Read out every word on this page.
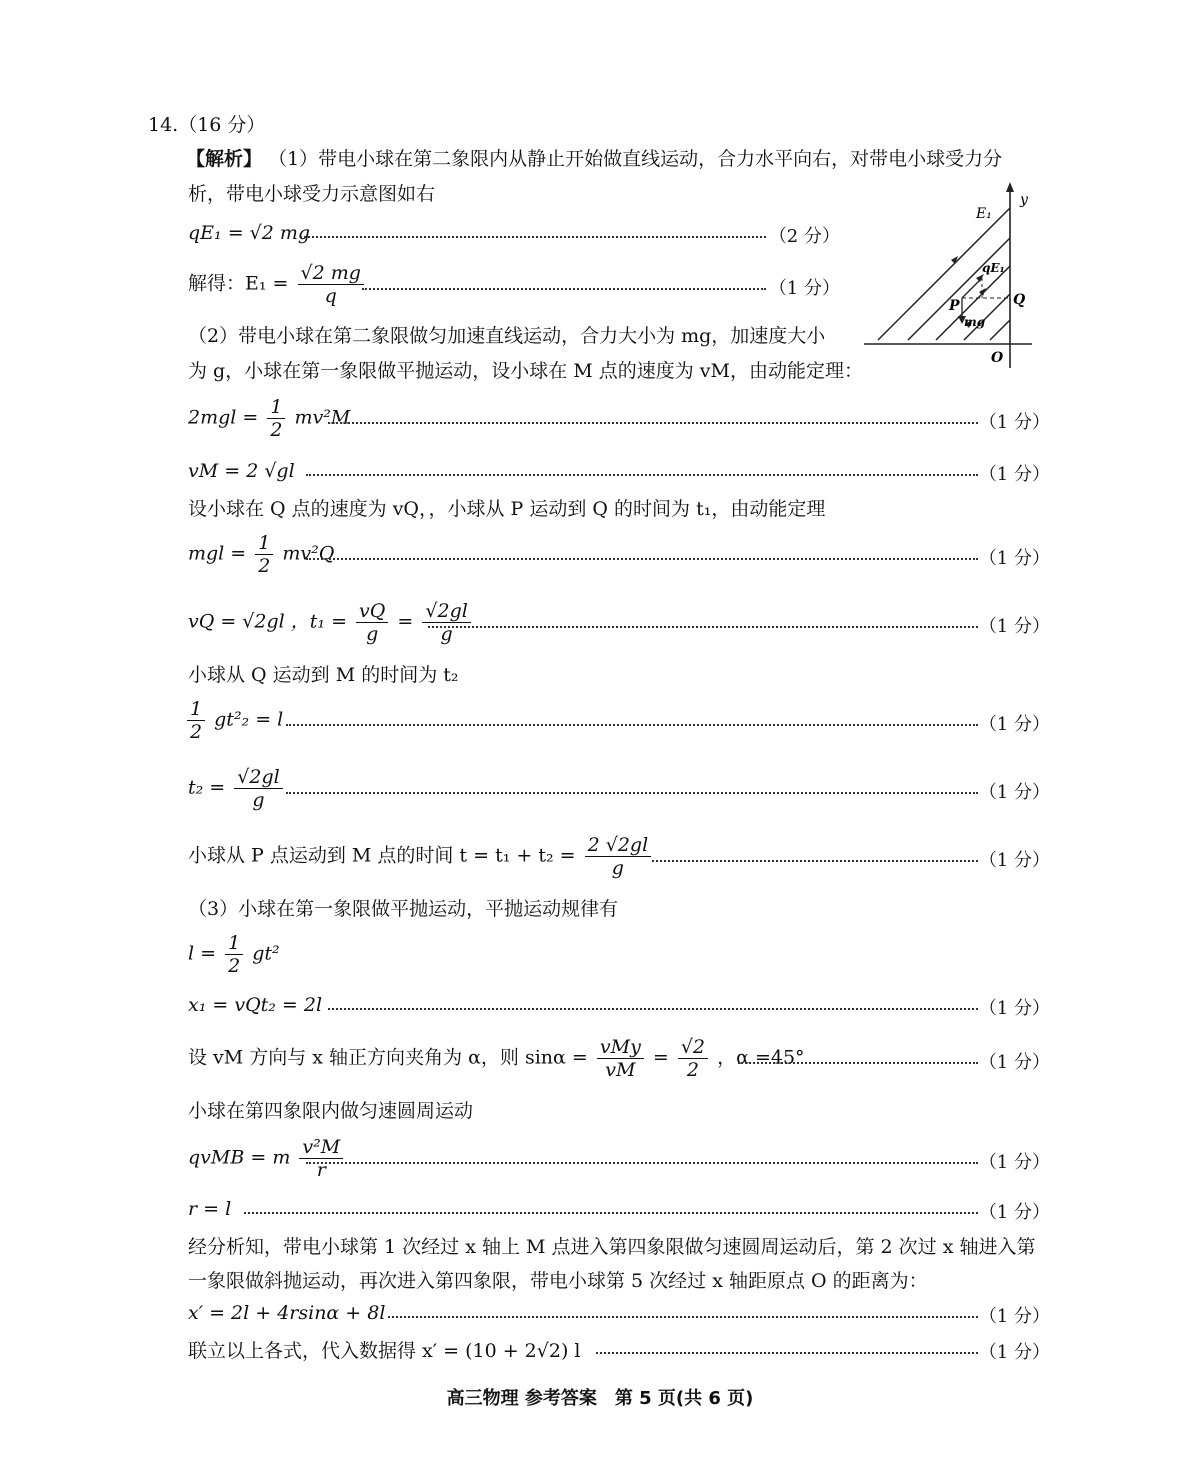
14.（16 分）
【解析】 （1）带电小球在第二象限内从静止开始做直线运动，合力水平向右，对带电小球受力分
析，带电小球受力示意图如右
qE₁ = √2 mg	（2 分）
解得：$E_1 = \frac{√2 mg}{q}$	（1 分）
E₁
y
qE₁
P	Q
mg
O
（2）带电小球在第二象限做匀加速直线运动，合力大小为 mg，加速度大小
为 g，小球在第一象限做平抛运动，设小球在 M 点的速度为 vM，由动能定理：
$2mgl = \frac{1}{2} mv^2M$	（1 分）
vM = 2 √gl	（1 分）
设小球在 Q 点的速度为 vQ，，小球从 P 运动到 Q 的时间为 t₁，由动能定理
mgl = $\frac{1}{2} mv^2Q$	（1 分）
vQ = √2gl ，$t_1 = \frac{vQ}{g} = \frac{√2gl}{g}$	（1 分）
小球从 Q 运动到 M 的时间为 t₂
$\frac{1}{2} gt^2_2 = l$	（1 分）
$t_2 = \frac{√2gl}{g}$	（1 分）
小球从 P 点运动到 M 点的时间 $t = t_1 + t_2 = \frac{2 √2gl}{g}$	（1 分）
（3）小球在第一象限做平抛运动，平抛运动规律有
$l = \frac{1}{2} gt^2$
x₁ = vQt₂ = 2l	（1 分）
设 vM 方向与 x 轴正方向夹角为 α，则 $\sin\alpha = \frac{\text{vMy}}{vM} = \frac{√2}{2}$ ，α =45°	（1 分）
小球在第四象限内做匀速圆周运动
qvMB = m $\frac{\text{v²M}}{r}$	（1 分）
r = l	（1 分）
经分析知，带电小球第 1 次经过 x 轴上 M 点进入第四象限做匀速圆周运动后，第 2 次过 x 轴进入第
一象限做斜抛运动，再次进入第四象限，带电小球第 5 次经过 x 轴距原点 O 的距离为：
x′ = 2l + 4rsinα + 8l	（1 分）
联立以上各式，代入数据得 x′ = (10 + 2√2) l	（1 分）
高三物理 参考答案　第 5 页(共 6 页)
